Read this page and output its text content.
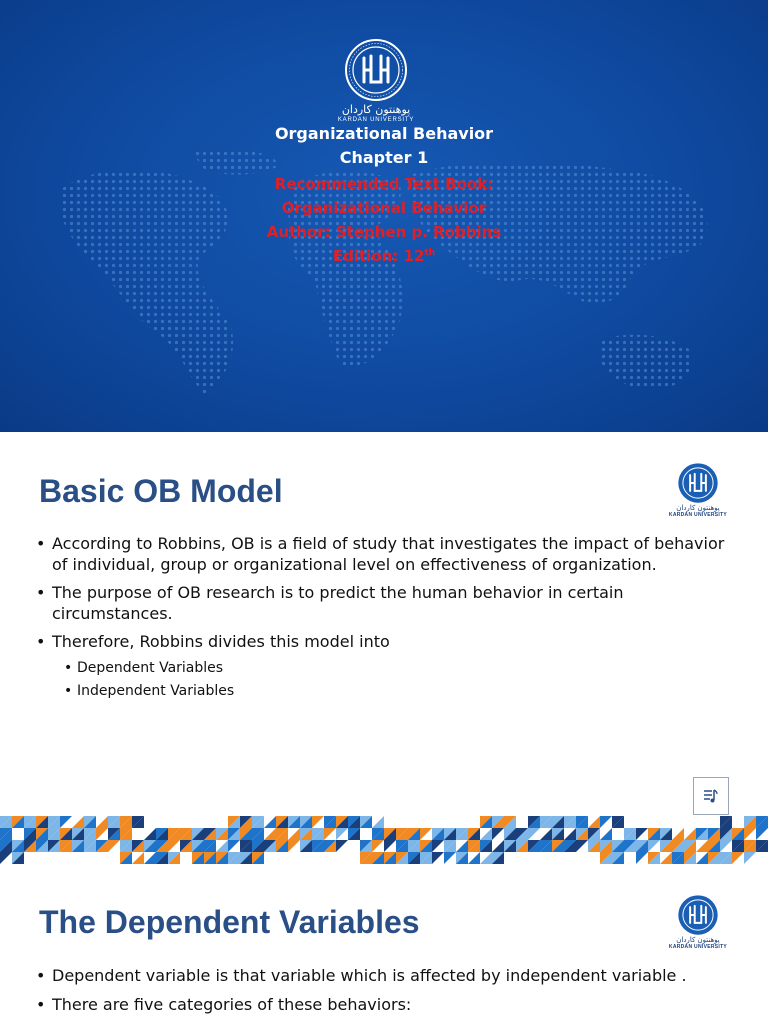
پوهنتون کاردان
KARDAN UNIVERSITY
Organizational Behavior
Chapter 1
Recommended Text Book:
Organizational Behavior
Author: Stephen p. Robbins
Edition: 12th
Basic OB Model	پوهنتون کاردان
KARDAN UNIVERSITY
• According to Robbins, OB is a field of study that investigates the impact of behavior of individual, group or organizational level on effectiveness of organization.
• The purpose of OB research is to predict the human behavior in certain circumstances.
• Therefore, Robbins divides this model into
• Dependent Variables
• Independent Variables
The Dependent Variables	پوهنتون کاردان
KARDAN UNIVERSITY
• Dependent variable is that variable which is affected by independent variable .
• There are five categories of these behaviors:
